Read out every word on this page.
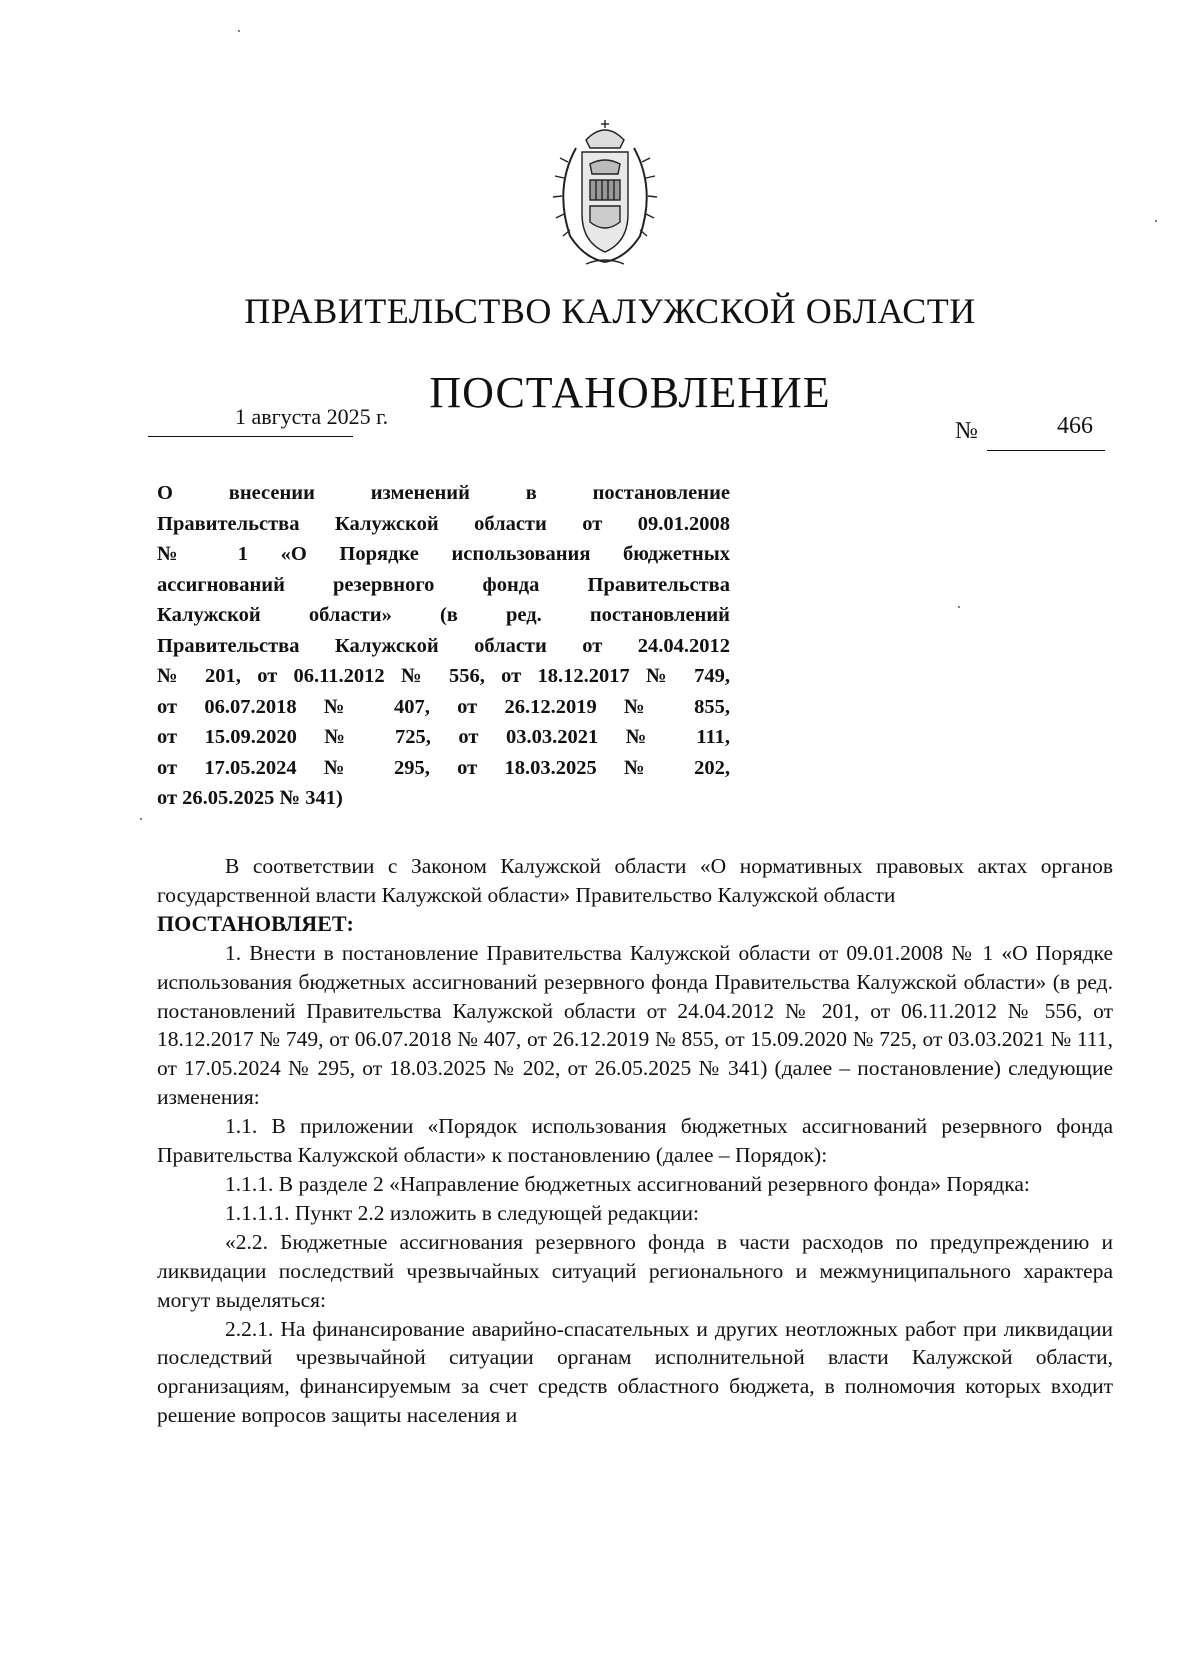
ПРАВИТЕЛЬСТВО КАЛУЖСКОЙ ОБЛАСТИ
ПОСТАНОВЛЕНИЕ
1 августа 2025 г.
№	466
О внесении изменений в постановление
Правительства Калужской области от 09.01.2008
№ 1 «О Порядке использования бюджетных
ассигнований резервного фонда Правительства
Калужской области» (в ред. постановлений
Правительства Калужской области от 24.04.2012
№ 201, от 06.11.2012 № 556, от 18.12.2017 № 749,
от 06.07.2018 № 407, от 26.12.2019 № 855,
от 15.09.2020 № 725, от 03.03.2021 № 111,
от 17.05.2024 № 295, от 18.03.2025 № 202,
от 26.05.2025 № 341)

В соответствии с Законом Калужской области «О нормативных правовых актах органов государственной власти Калужской области» Правительство Калужской области

ПОСТАНОВЛЯЕТ:

1. Внести в постановление Правительства Калужской области от 09.01.2008 № 1 «О Порядке использования бюджетных ассигнований резервного фонда Правительства Калужской области» (в ред. постановлений Правительства Калужской области от 24.04.2012 № 201, от 06.11.2012 № 556, от 18.12.2017 № 749, от 06.07.2018 № 407, от 26.12.2019 № 855, от 15.09.2020 № 725, от 03.03.2021 № 111, от 17.05.2024 № 295, от 18.03.2025 № 202, от 26.05.2025 № 341) (далее – постановление) следующие изменения:

1.1. В приложении «Порядок использования бюджетных ассигнований резервного фонда Правительства Калужской области» к постановлению (далее – Порядок):

1.1.1. В разделе 2 «Направление бюджетных ассигнований резервного фонда» Порядка:

1.1.1.1. Пункт 2.2 изложить в следующей редакции:

«2.2. Бюджетные ассигнования резервного фонда в части расходов по предупреждению и ликвидации последствий чрезвычайных ситуаций регионального и межмуниципального характера могут выделяться:

2.2.1. На финансирование аварийно-спасательных и других неотложных работ при ликвидации последствий чрезвычайной ситуации органам исполнительной власти Калужской области, организациям, финансируемым за счет средств областного бюджета, в полномочия которых входит решение вопросов защиты населения и
